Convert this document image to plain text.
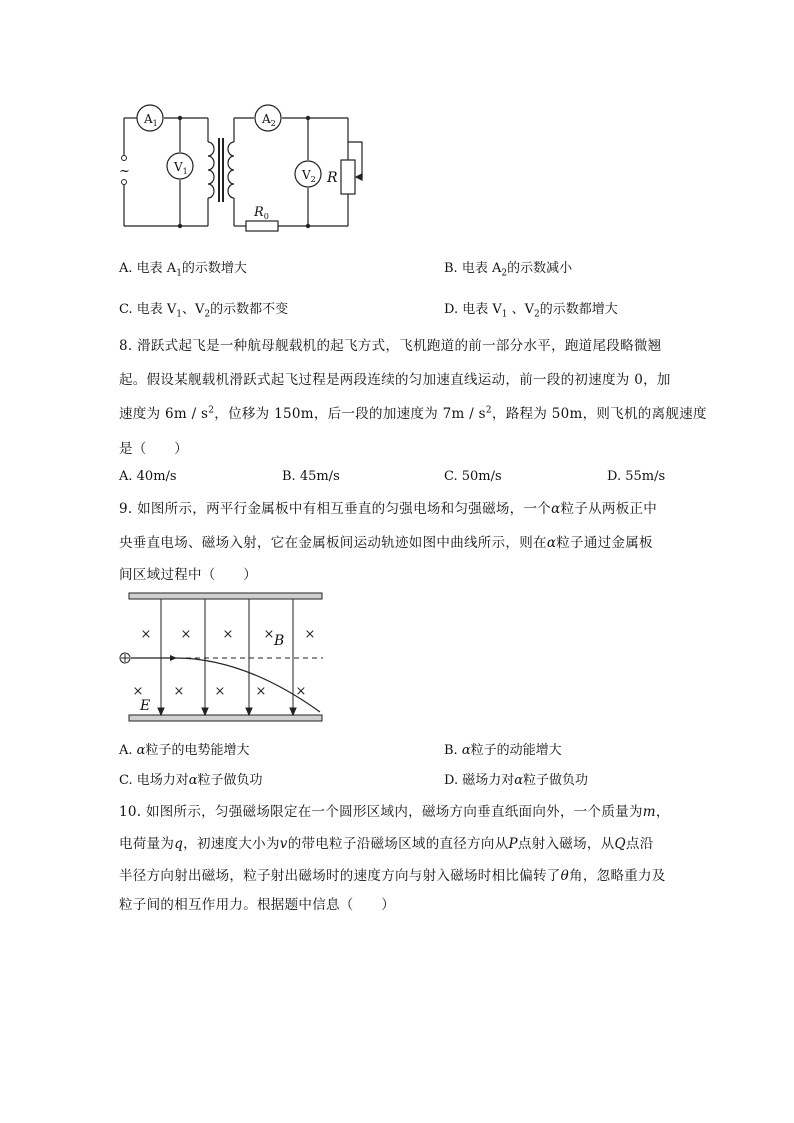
$A_1$
$V_1$
$A_2$
$V_2$
~	R
$R_0$
A. 电表 $A_1$的示数增大	B. 电表 $A_2$的示数减小
C. 电表 $V_1$、$V_2$的示数都不变	D. 电表 $V_1$ 、$V_2$的示数都增大
8. 滑跃式起飞是一种航母舰载机的起飞方式，飞机跑道的前一部分水平，跑道尾段略微翘
起。假设某舰载机滑跃式起飞过程是两段连续的匀加速直线运动，前一段的初速度为 0，加
速度为 $6m / s^2$，位移为 150m，后一段的加速度为 $7m / s^2$，路程为 50m，则飞机的离舰速度
是（　　）
A. 40m/s	B. 45m/s	C. 50m/s	D. 55m/s
9. 如图所示，两平行金属板中有相互垂直的匀强电场和匀强磁场，一个α粒子从两板正中
央垂直电场、磁场入射，它在金属板间运动轨迹如图中曲线所示，则在α粒子通过金属板
间区域过程中（　　）
× × × × ×
× × × × ×
B
E
A. α粒子的电势能增大	B. α粒子的动能增大
C. 电场力对α粒子做负功	D. 磁场力对α粒子做负功
10. 如图所示，匀强磁场限定在一个圆形区域内，磁场方向垂直纸面向外，一个质量为m，
电荷量为q，初速度大小为v的带电粒子沿磁场区域的直径方向从P点射入磁场，从Q点沿
半径方向射出磁场，粒子射出磁场时的速度方向与射入磁场时相比偏转了θ角，忽略重力及
粒子间的相互作用力。根据题中信息（　　）
